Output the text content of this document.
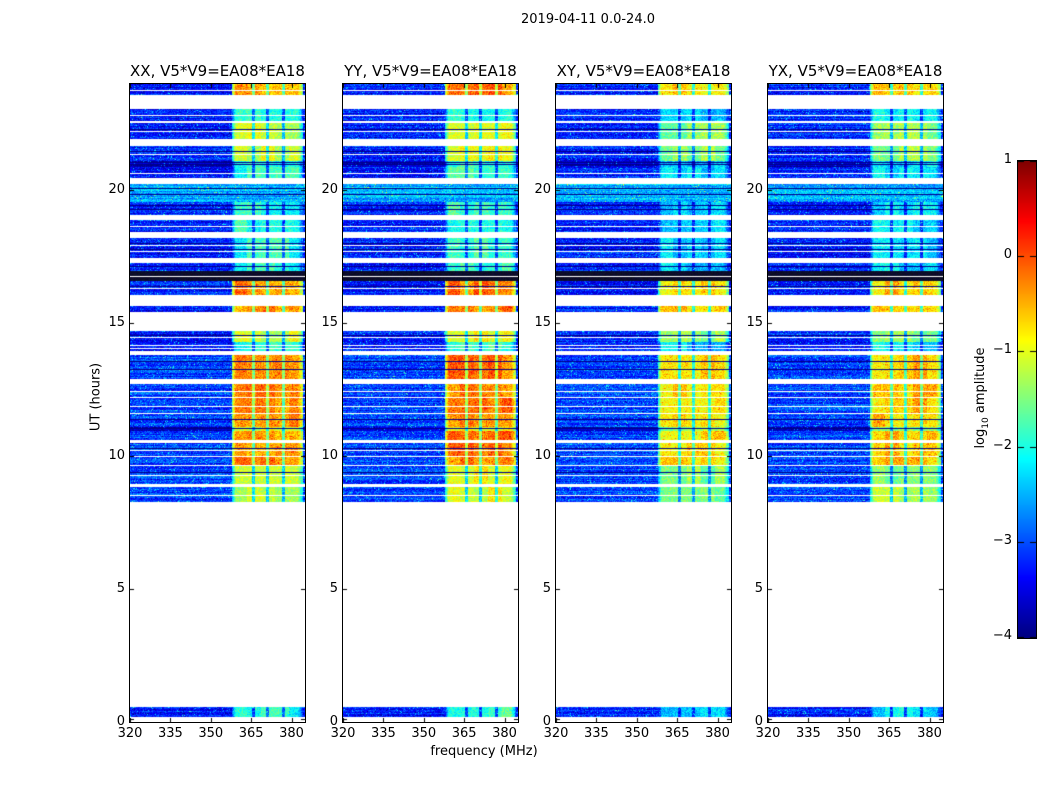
2019-04-11 0.0-24.0
UT (hours)
frequency (MHz)
XX, V5*V9=EA08*EA18	YY, V5*V9=EA08*EA18	XY, V5*V9=EA08*EA18	YX, V5*V9=EA08*EA18
$\log_{10}$ amplitude
320	335	350	365	380
0
5
10
15
20
320	335	350	365	380
0
5
10
15
20
320	335	350	365	380
0
5
10
15
20
320	335	350	365	380
0
5
10
15
20
1
0
−1
−2
−3
−4
